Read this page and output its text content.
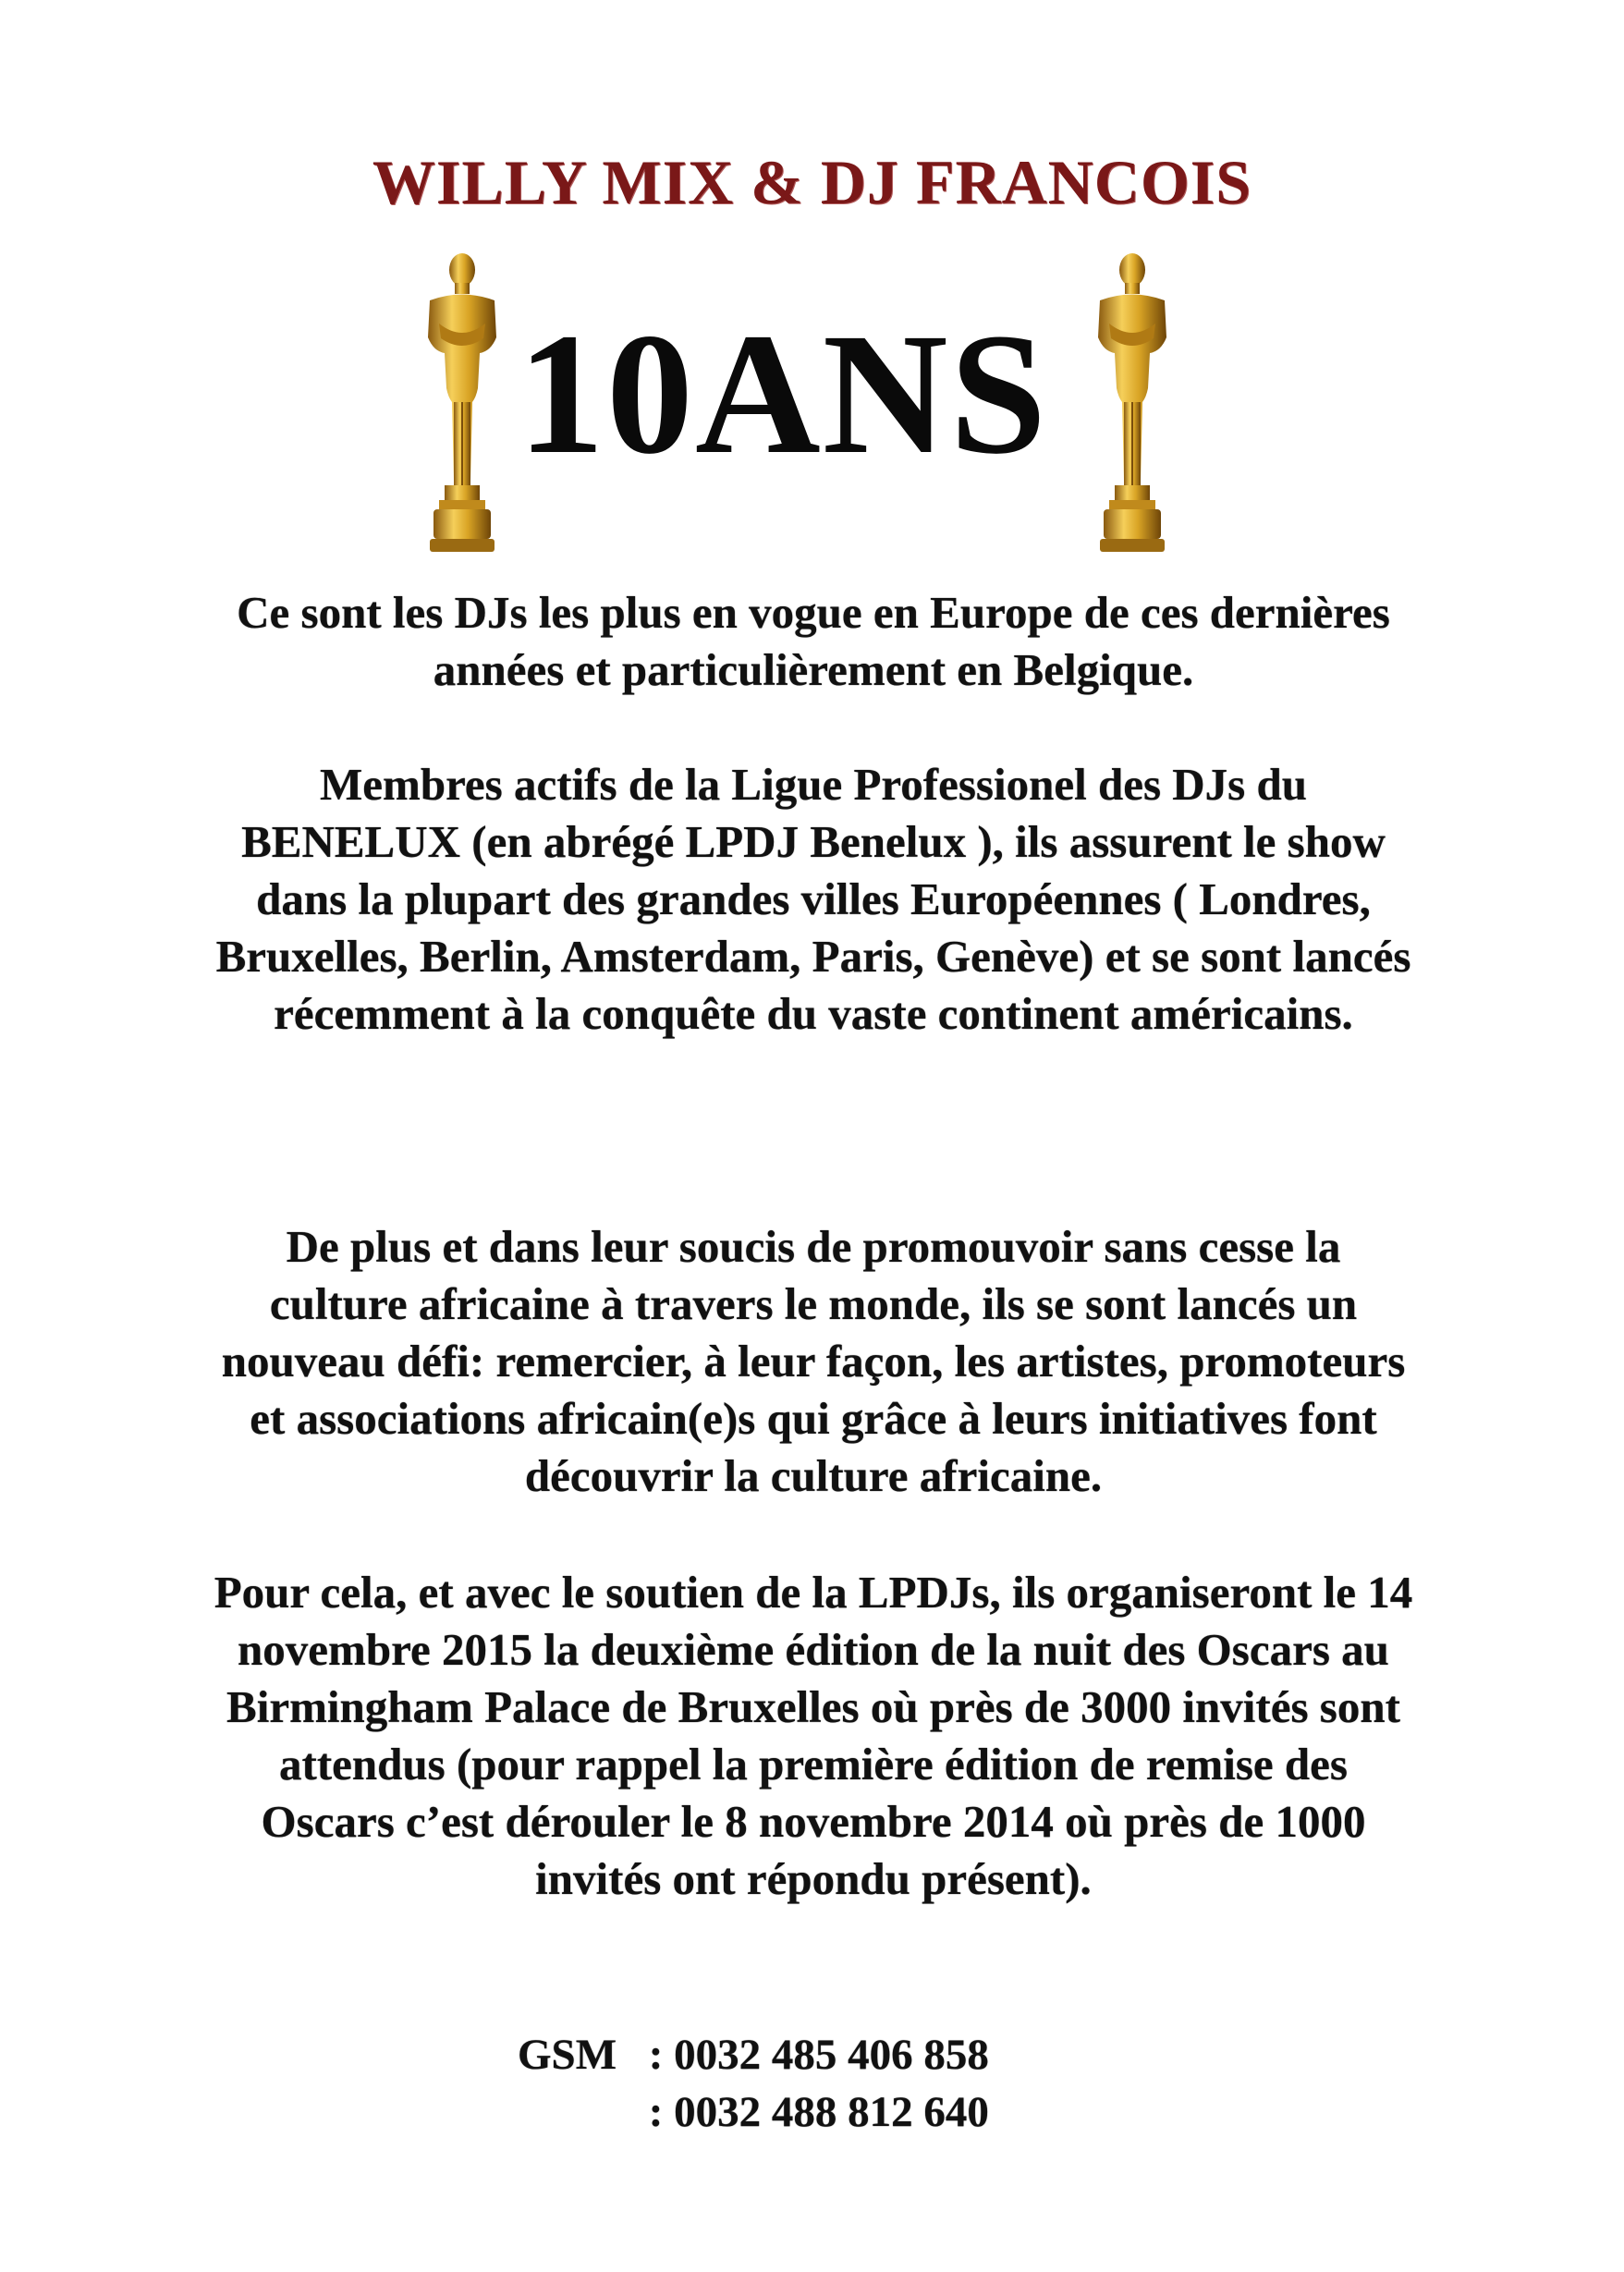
WILLY MIX & DJ FRANCOIS
10ANS

Ce sont les DJs les plus en vogue en Europe de ces dernières années et particulièrement en Belgique.

Membres actifs de la Ligue Professionel des DJs du BENELUX (en abrégé LPDJ Benelux ), ils assurent le show dans la plupart des grandes villes Européennes ( Londres, Bruxelles, Berlin, Amsterdam, Paris, Genève) et se sont lancés récemment à la conquête du vaste continent américains.

De plus et dans leur soucis de promouvoir sans cesse la culture africaine à travers le monde, ils se sont lancés un nouveau défi: remercier, à leur façon, les artistes, promoteurs et associations africain(e)s qui grâce à leurs initiatives font découvrir la culture africaine.

Pour cela, et avec le soutien de la LPDJs, ils organiseront le 14 novembre 2015 la deuxième édition de la nuit des Oscars au Birmingham Palace de Bruxelles où près de 3000 invités sont attendus (pour rappel la première édition de remise des Oscars c’est dérouler le 8 novembre 2014 où près de 1000 invités ont répondu présent).

GSM : 0032 485 406 858
: 0032 488 812 640
